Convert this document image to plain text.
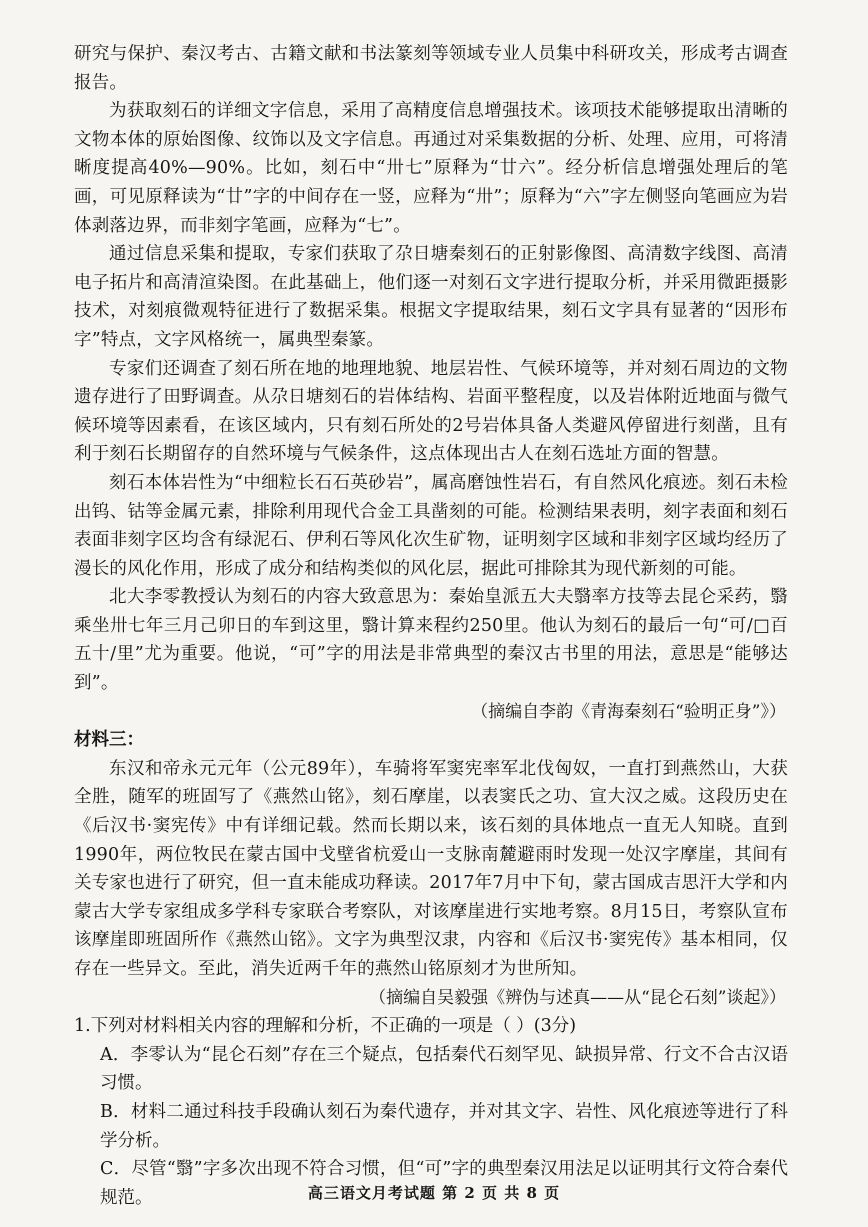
研究与保护、秦汉考古、古籍文献和书法篆刻等领域专业人员集中科研攻关，形成考古调查报告。

为获取刻石的详细文字信息，采用了高精度信息增强技术。该项技术能够提取出清晰的文物本体的原始图像、纹饰以及文字信息。再通过对采集数据的分析、处理、应用，可将清晰度提高40%—90%。比如，刻石中“卅七”原释为“廿六”。经分析信息增强处理后的笔画，可见原释读为“廿”字的中间存在一竖，应释为“卅”；原释为“六”字左侧竖向笔画应为岩体剥落边界，而非刻字笔画，应释为“七”。

通过信息采集和提取，专家们获取了尕日塘秦刻石的正射影像图、高清数字线图、高清电子拓片和高清渲染图。在此基础上，他们逐一对刻石文字进行提取分析，并采用微距摄影技术，对刻痕微观特征进行了数据采集。根据文字提取结果，刻石文字具有显著的“因形布字”特点，文字风格统一，属典型秦篆。

专家们还调查了刻石所在地的地理地貌、地层岩性、气候环境等，并对刻石周边的文物遗存进行了田野调查。从尕日塘刻石的岩体结构、岩面平整程度，以及岩体附近地面与微气候环境等因素看，在该区域内，只有刻石所处的2号岩体具备人类避风停留进行刻凿，且有利于刻石长期留存的自然环境与气候条件，这点体现出古人在刻石选址方面的智慧。

刻石本体岩性为“中细粒长石石英砂岩”，属高磨蚀性岩石，有自然风化痕迹。刻石未检出钨、钴等金属元素，排除利用现代合金工具凿刻的可能。检测结果表明，刻字表面和刻石表面非刻字区均含有绿泥石、伊利石等风化次生矿物，证明刻字区域和非刻字区域均经历了漫长的风化作用，形成了成分和结构类似的风化层，据此可排除其为现代新刻的可能。

北大李零教授认为刻石的内容大致意思为：秦始皇派五大夫翳率方技等去昆仑采药，翳乘坐卅七年三月己卯日的车到这里，翳计算来程约250里。他认为刻石的最后一句“可/□百五十/里”尤为重要。他说，“可”字的用法是非常典型的秦汉古书里的用法，意思是“能够达到”。

（摘编自李韵《青海秦刻石“验明正身”》）

材料三：

东汉和帝永元元年（公元89年），车骑将军窦宪率军北伐匈奴，一直打到燕然山，大获全胜，随军的班固写了《燕然山铭》，刻石摩崖，以表窦氏之功、宣大汉之威。这段历史在《后汉书·窦宪传》中有详细记载。然而长期以来，该石刻的具体地点一直无人知晓。直到1990年，两位牧民在蒙古国中戈壁省杭爱山一支脉南麓避雨时发现一处汉字摩崖，其间有关专家也进行了研究，但一直未能成功释读。2017年7月中下旬，蒙古国成吉思汗大学和内蒙古大学专家组成多学科专家联合考察队，对该摩崖进行实地考察。8月15日，考察队宣布该摩崖即班固所作《燕然山铭》。文字为典型汉隶，内容和《后汉书·窦宪传》基本相同，仅存在一些异文。至此，消失近两千年的燕然山铭原刻才为世所知。

（摘编自吴毅强《辨伪与述真——从“昆仑石刻”谈起》）

1.下列对材料相关内容的理解和分析，不正确的一项是（ ）(3分)

A．李零认为“昆仑石刻”存在三个疑点，包括秦代石刻罕见、缺损异常、行文不合古汉语习惯。

B．材料二通过科技手段确认刻石为秦代遗存，并对其文字、岩性、风化痕迹等进行了科学分析。

C．尽管“翳”字多次出现不符合习惯，但“可”字的典型秦汉用法足以证明其行文符合秦代规范。	高三语文月考试题 第 2 页 共 8 页
